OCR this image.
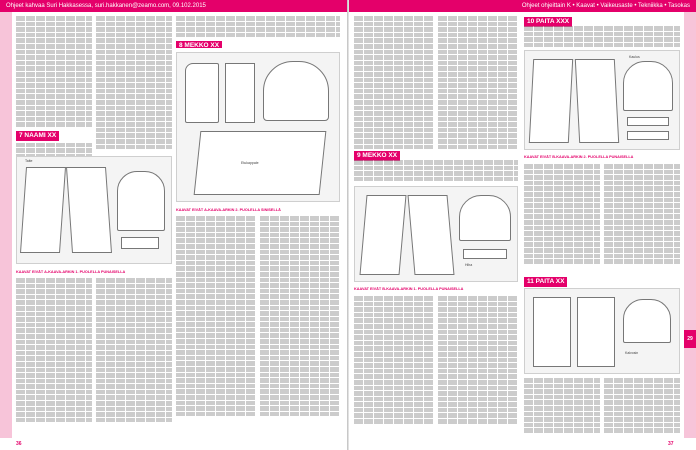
Ohjeet kahvaa Suri Hakkasessa, suri.hakkanen@zeamo.com, 09.102.2015	Ohjeet ohjeittain K • Kaavat • Vaikeusaste • Tekniikka • Tasokas
29
7 NAAMI XX
Taite
KAAVAT EIVÄT A-KAAVA-ARKIN 1. PUOLELLA PUNAISELLA
8 MEKKO XX
Etukappale
KAAVAT EIVÄT A-KAAVA-ARKIN 2. PUOLELLA SINISELLÄ
9 MEKKO XX
Hiha
KAAVAT EIVÄT B-KAAVA-ARKIN 1. PUOLELLA PUNAISELLA
10 PAITA XXX
Kaulus
KAAVAT EIVÄT B-KAAVA-ARKIN 2. PUOLELLA PUNAISELLA
11 PAITA XX
Kalvosin
36	37
